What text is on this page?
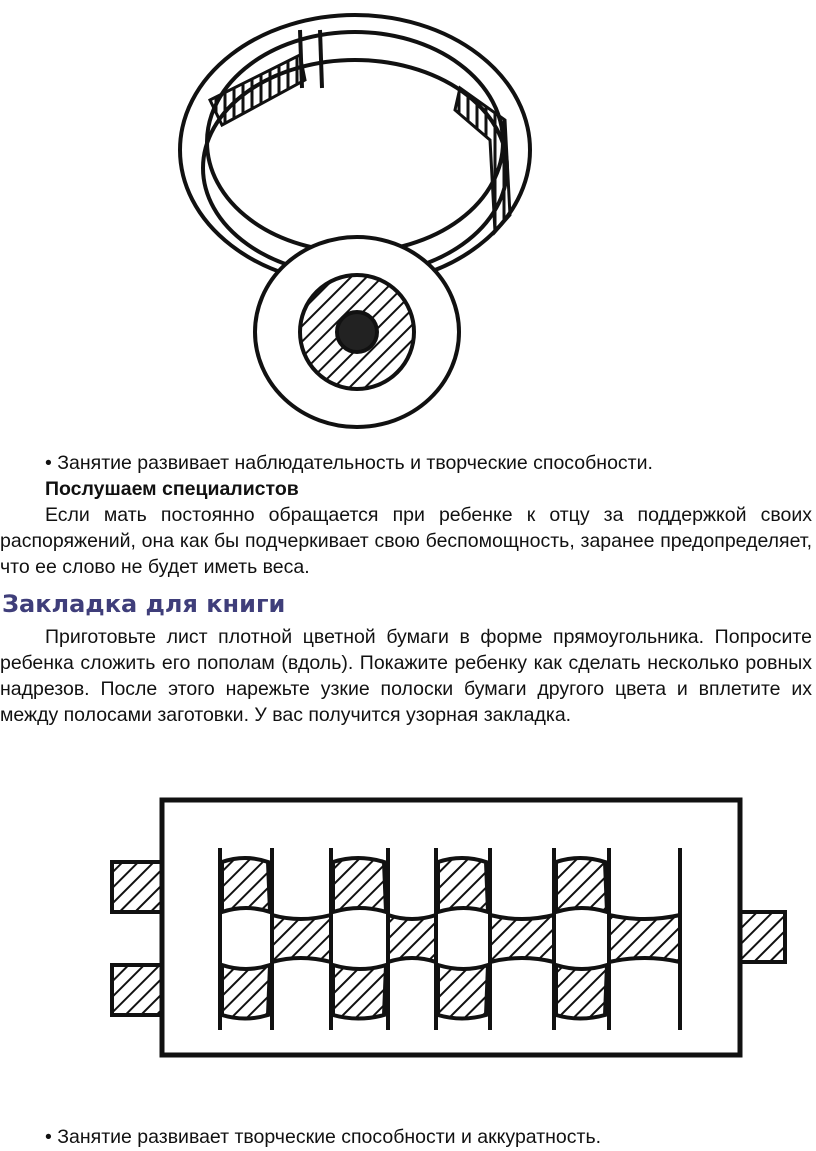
• Занятие развивает наблюдательность и творческие способности.
Послушаем специалистов
Если мать постоянно обращается при ребенке к отцу за поддержкой своих распоряжений, она как бы подчеркивает свою беспомощность, заранее предопределяет, что ее слово не будет иметь веса.
Закладка для книги
Приготовьте лист плотной цветной бумаги в форме прямоугольника. Попросите ребенка сложить его пополам (вдоль). Покажите ребенку как сделать несколько ровных надрезов. После этого нарежьте узкие полоски бумаги другого цвета и вплетите их между полосами заготовки. У вас получится узорная закладка.
• Занятие развивает творческие способности и аккуратность.
